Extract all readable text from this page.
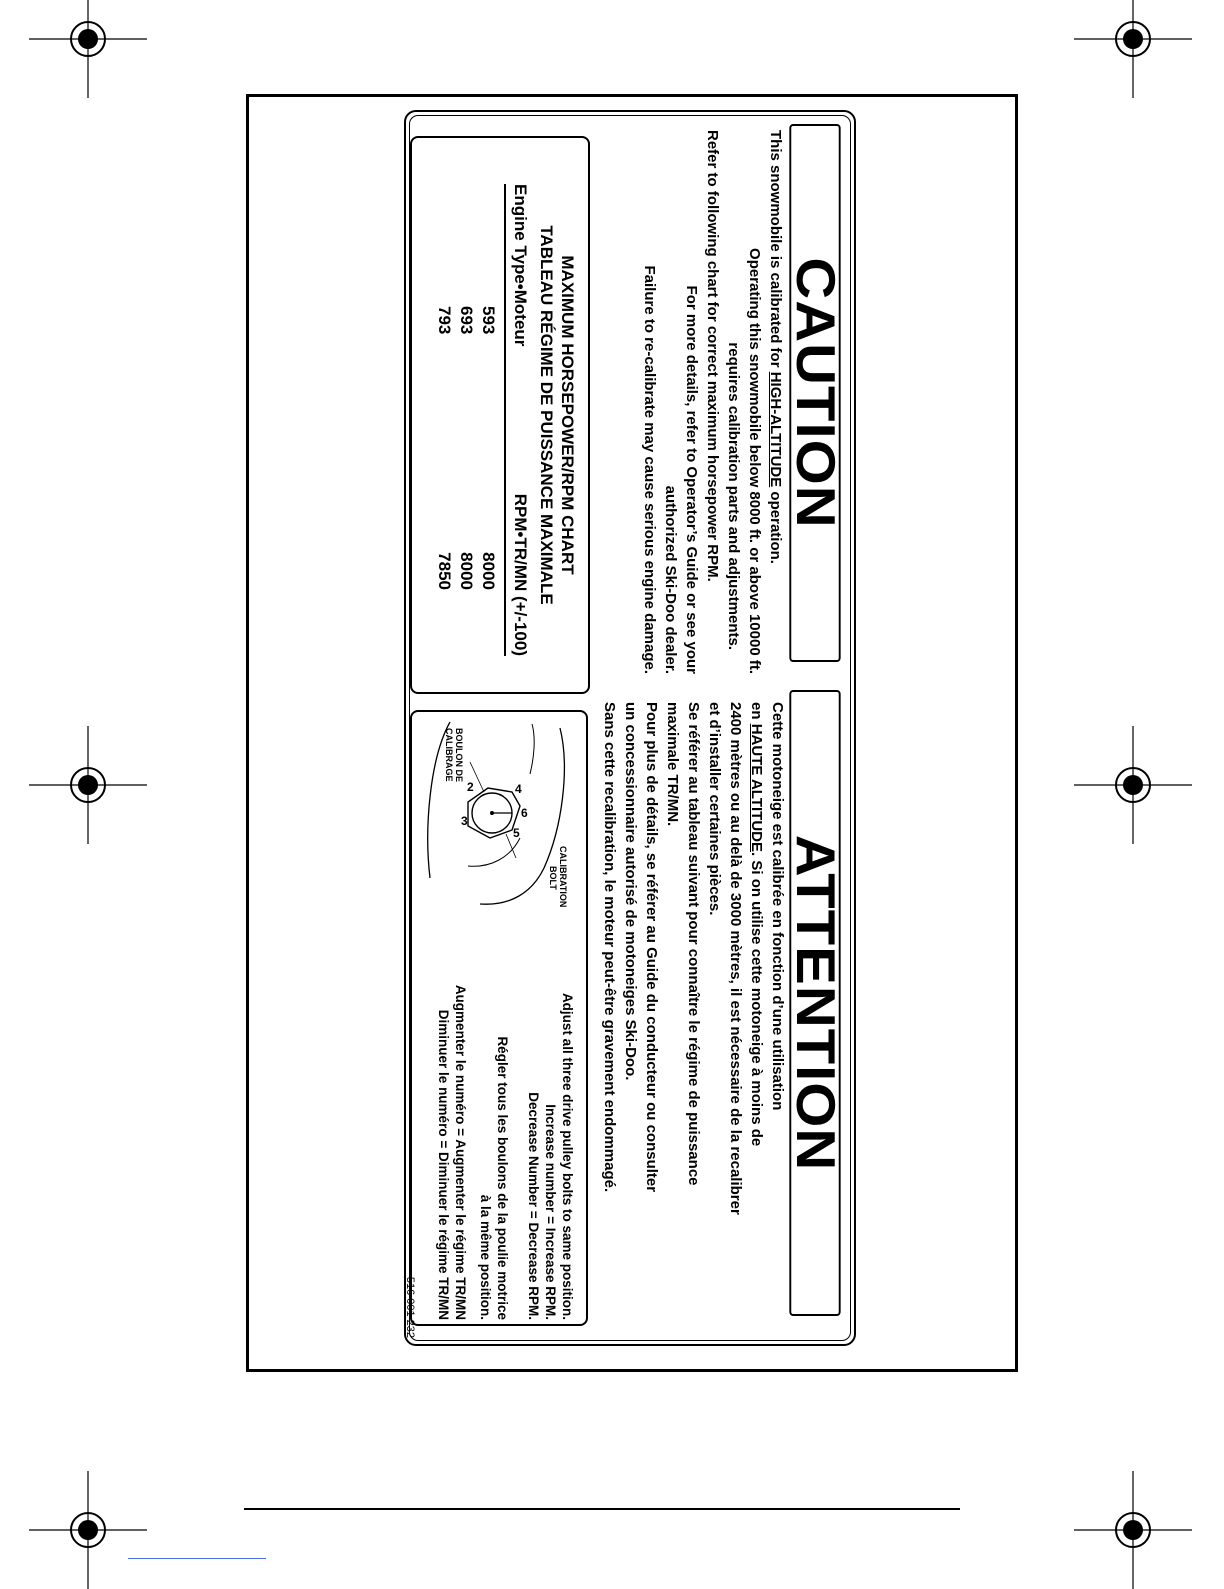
CAUTION
ATTENTION
This snowmobile is calibrated for HIGH-ALTITUDE operation.
Operating this snowmobile below 8000 ft. or above 10000 ft.
requires calibration parts and adjustments.
Refer to following chart for correct maximum horsepower RPM.
For more details, refer to Operator’s Guide or see your
authorized Ski-Doo dealer.
Failure to re-calibrate may cause serious engine damage.
Cette motoneige est calibrée en fonction d’une utilisation
en HAUTE ALTITUDE. Si on utilise cette motoneige à moins de
2400 mètres ou au delà de 3000 mètres, il est nécessaire de la recalibrer
et d’installer certaines pièces.
Se référer au tableau suivant pour connaître le régime de puissance
maximale TR/MN.
Pour plus de détails, se référer au Guide du conducteur ou consulter
un concessionnaire autorisé de motoneiges Ski-Doo.
Sans cette recalibration, le moteur peut-être gravement endommagé.
MAXIMUM HORSEPOWER/RPM CHART
TABLEAU RÉGIME DE PUISSANCE MAXIMALE
Engine Type•Moteur
RPM•TR/MN (+/-100)
593
8000
693
8000
793
7850
2
3
4
5
6
BOULON DE
CALIBRAGE
CALIBRATION
BOLT
Adjust all three drive pulley bolts to same position.
Increase number = Increase RPM.
Decrease Number = Decrease RPM.
Régler tous les boulons de la poulie motrice
à la même position.
Augmenter le numéro = Augmenter le régime TR/MN
Diminuer le numéro = Diminuer le régime TR/MN
516 001 232
